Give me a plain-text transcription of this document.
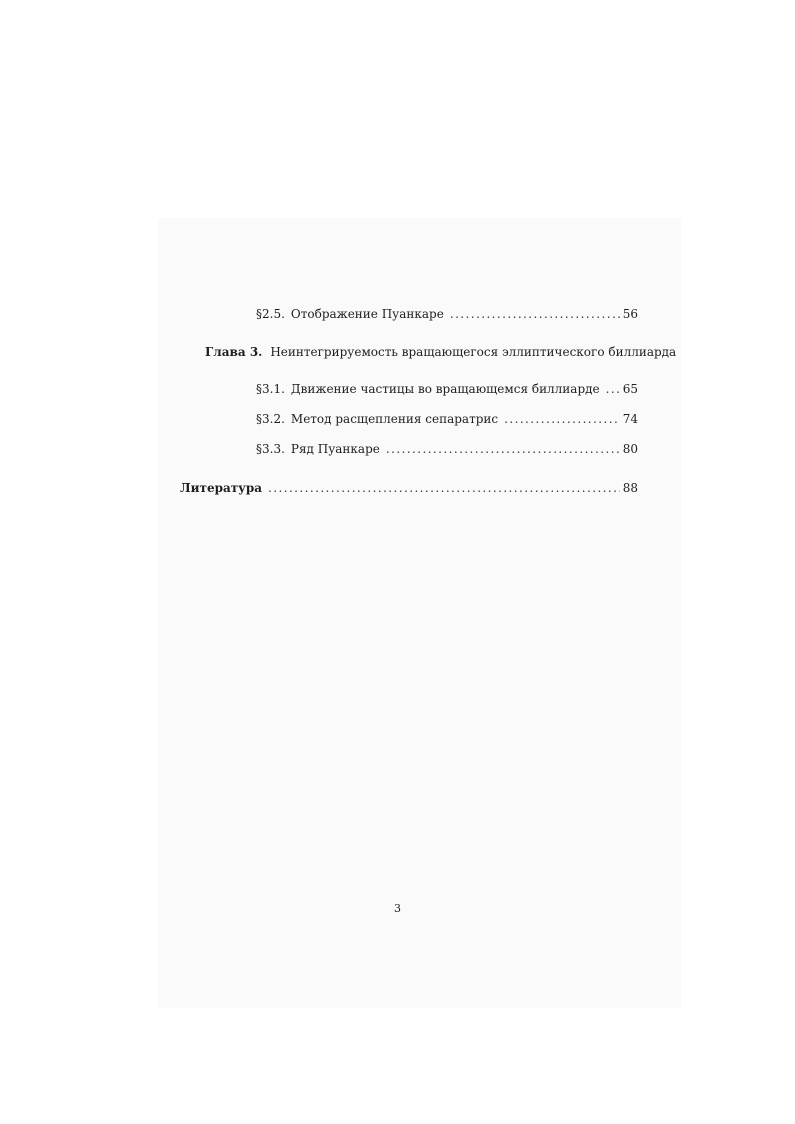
§2.5. Отображение Пуанкаре . . .	56
Глава 3. Неинтегрируемость вращающегося эллиптического биллиарда
§3.1. Движение частицы во вращающемся биллиарде . . . 65
§3.2. Метод расщепления сепаратрис . . .	74
§3.3. Ряд Пуанкаре . . .	80
Литература . . .	88
3
